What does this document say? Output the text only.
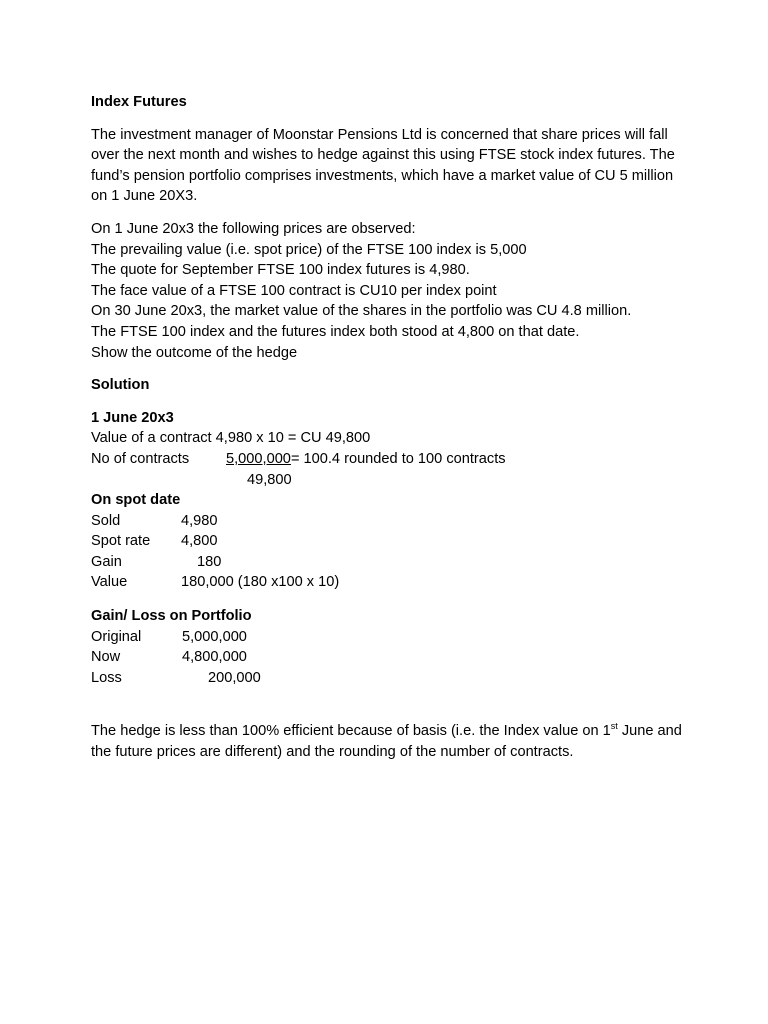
Index Futures

The investment manager of Moonstar Pensions Ltd is concerned that share prices will fall over the next month and wishes to hedge against this using FTSE stock index futures. The fund’s pension portfolio comprises investments, which have a market value of CU 5 million on 1 June 20X3.

On 1 June 20x3 the following prices are observed:
The prevailing value (i.e. spot price) of the FTSE 100 index is 5,000
The quote for September FTSE 100 index futures is 4,980.
The face value of a FTSE 100 contract is CU10 per index point
On 30 June 20x3, the market value of the shares in the portfolio was CU 4.8 million.
The FTSE 100 index and the futures index both stood at 4,800 on that date.
Show the outcome of the hedge
Solution
1 June 20x3
Value of a contract 4,980 x 10 = CU 49,800
No of contracts	5,000,000 = 100.4 rounded to 100 contracts
49,800
On spot date
Sold	4,980
Spot rate	4,800
Gain	180
Value	180,000 (180 x100 x 10)
Gain/ Loss on Portfolio
Original	5,000,000
Now	4,800,000
Loss	200,000

The hedge is less than 100% efficient because of basis (i.e. the Index value on 1st June and the future prices are different) and the rounding of the number of contracts.
